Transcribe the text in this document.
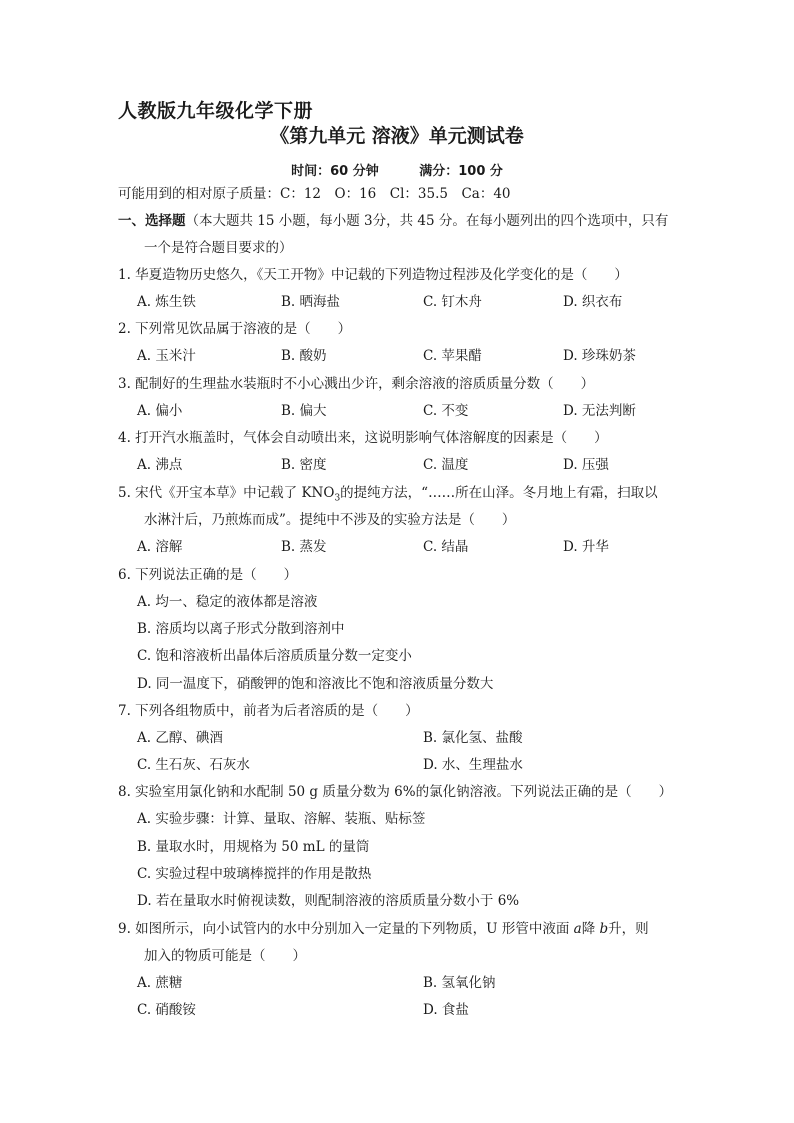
人教版九年级化学下册
《第九单元 溶液》单元测试卷
时间：60 分钟	满分：100 分
可能用到的相对原子质量：C：12　O：16　Cl：35.5　Ca：40
一、选择题（本大题共 15 小题，每小题 3分，共 45 分。在每小题列出的四个选项中，只有
一个是符合题目要求的）
1. 华夏造物历史悠久，《天工开物》中记载的下列造物过程涉及化学变化的是（　　）
A. 炼生铁	B. 晒海盐	C. 钉木舟	D. 织衣布
2. 下列常见饮品属于溶液的是（　　）
A. 玉米汁	B. 酸奶	C. 苹果醋	D. 珍珠奶茶
3. 配制好的生理盐水装瓶时不小心溅出少许，剩余溶液的溶质质量分数（　　）
A. 偏小	B. 偏大	C. 不变	D. 无法判断
4. 打开汽水瓶盖时，气体会自动喷出来，这说明影响气体溶解度的因素是（　　）
A. 沸点	B. 密度	C. 温度	D. 压强
5. 宋代《开宝本草》中记载了 $KNO_3$的提纯方法，“……所在山泽。冬月地上有霜，扫取以
水淋汁后，乃煎炼而成”。提纯中不涉及的实验方法是（　　）
A. 溶解	B. 蒸发	C. 结晶	D. 升华
6. 下列说法正确的是（　　）
A. 均一、稳定的液体都是溶液
B. 溶质均以离子形式分散到溶剂中
C. 饱和溶液析出晶体后溶质质量分数一定变小
D. 同一温度下，硝酸钾的饱和溶液比不饱和溶液质量分数大
7. 下列各组物质中，前者为后者溶质的是（　　）
A. 乙醇、碘酒	B. 氯化氢、盐酸
C. 生石灰、石灰水	D. 水、生理盐水
8. 实验室用氯化钠和水配制 50 g 质量分数为 6%的氯化钠溶液。下列说法正确的是（　　）
A. 实验步骤：计算、量取、溶解、装瓶、贴标签
B. 量取水时，用规格为 50 mL 的量筒
C. 实验过程中玻璃棒搅拌的作用是散热
D. 若在量取水时俯视读数，则配制溶液的溶质质量分数小于 6%
9. 如图所示，向小试管内的水中分别加入一定量的下列物质，U 形管中液面 a降 b升，则
加入的物质可能是（　　）
A. 蔗糖	B. 氢氧化钠
C. 硝酸铵	D. 食盐
